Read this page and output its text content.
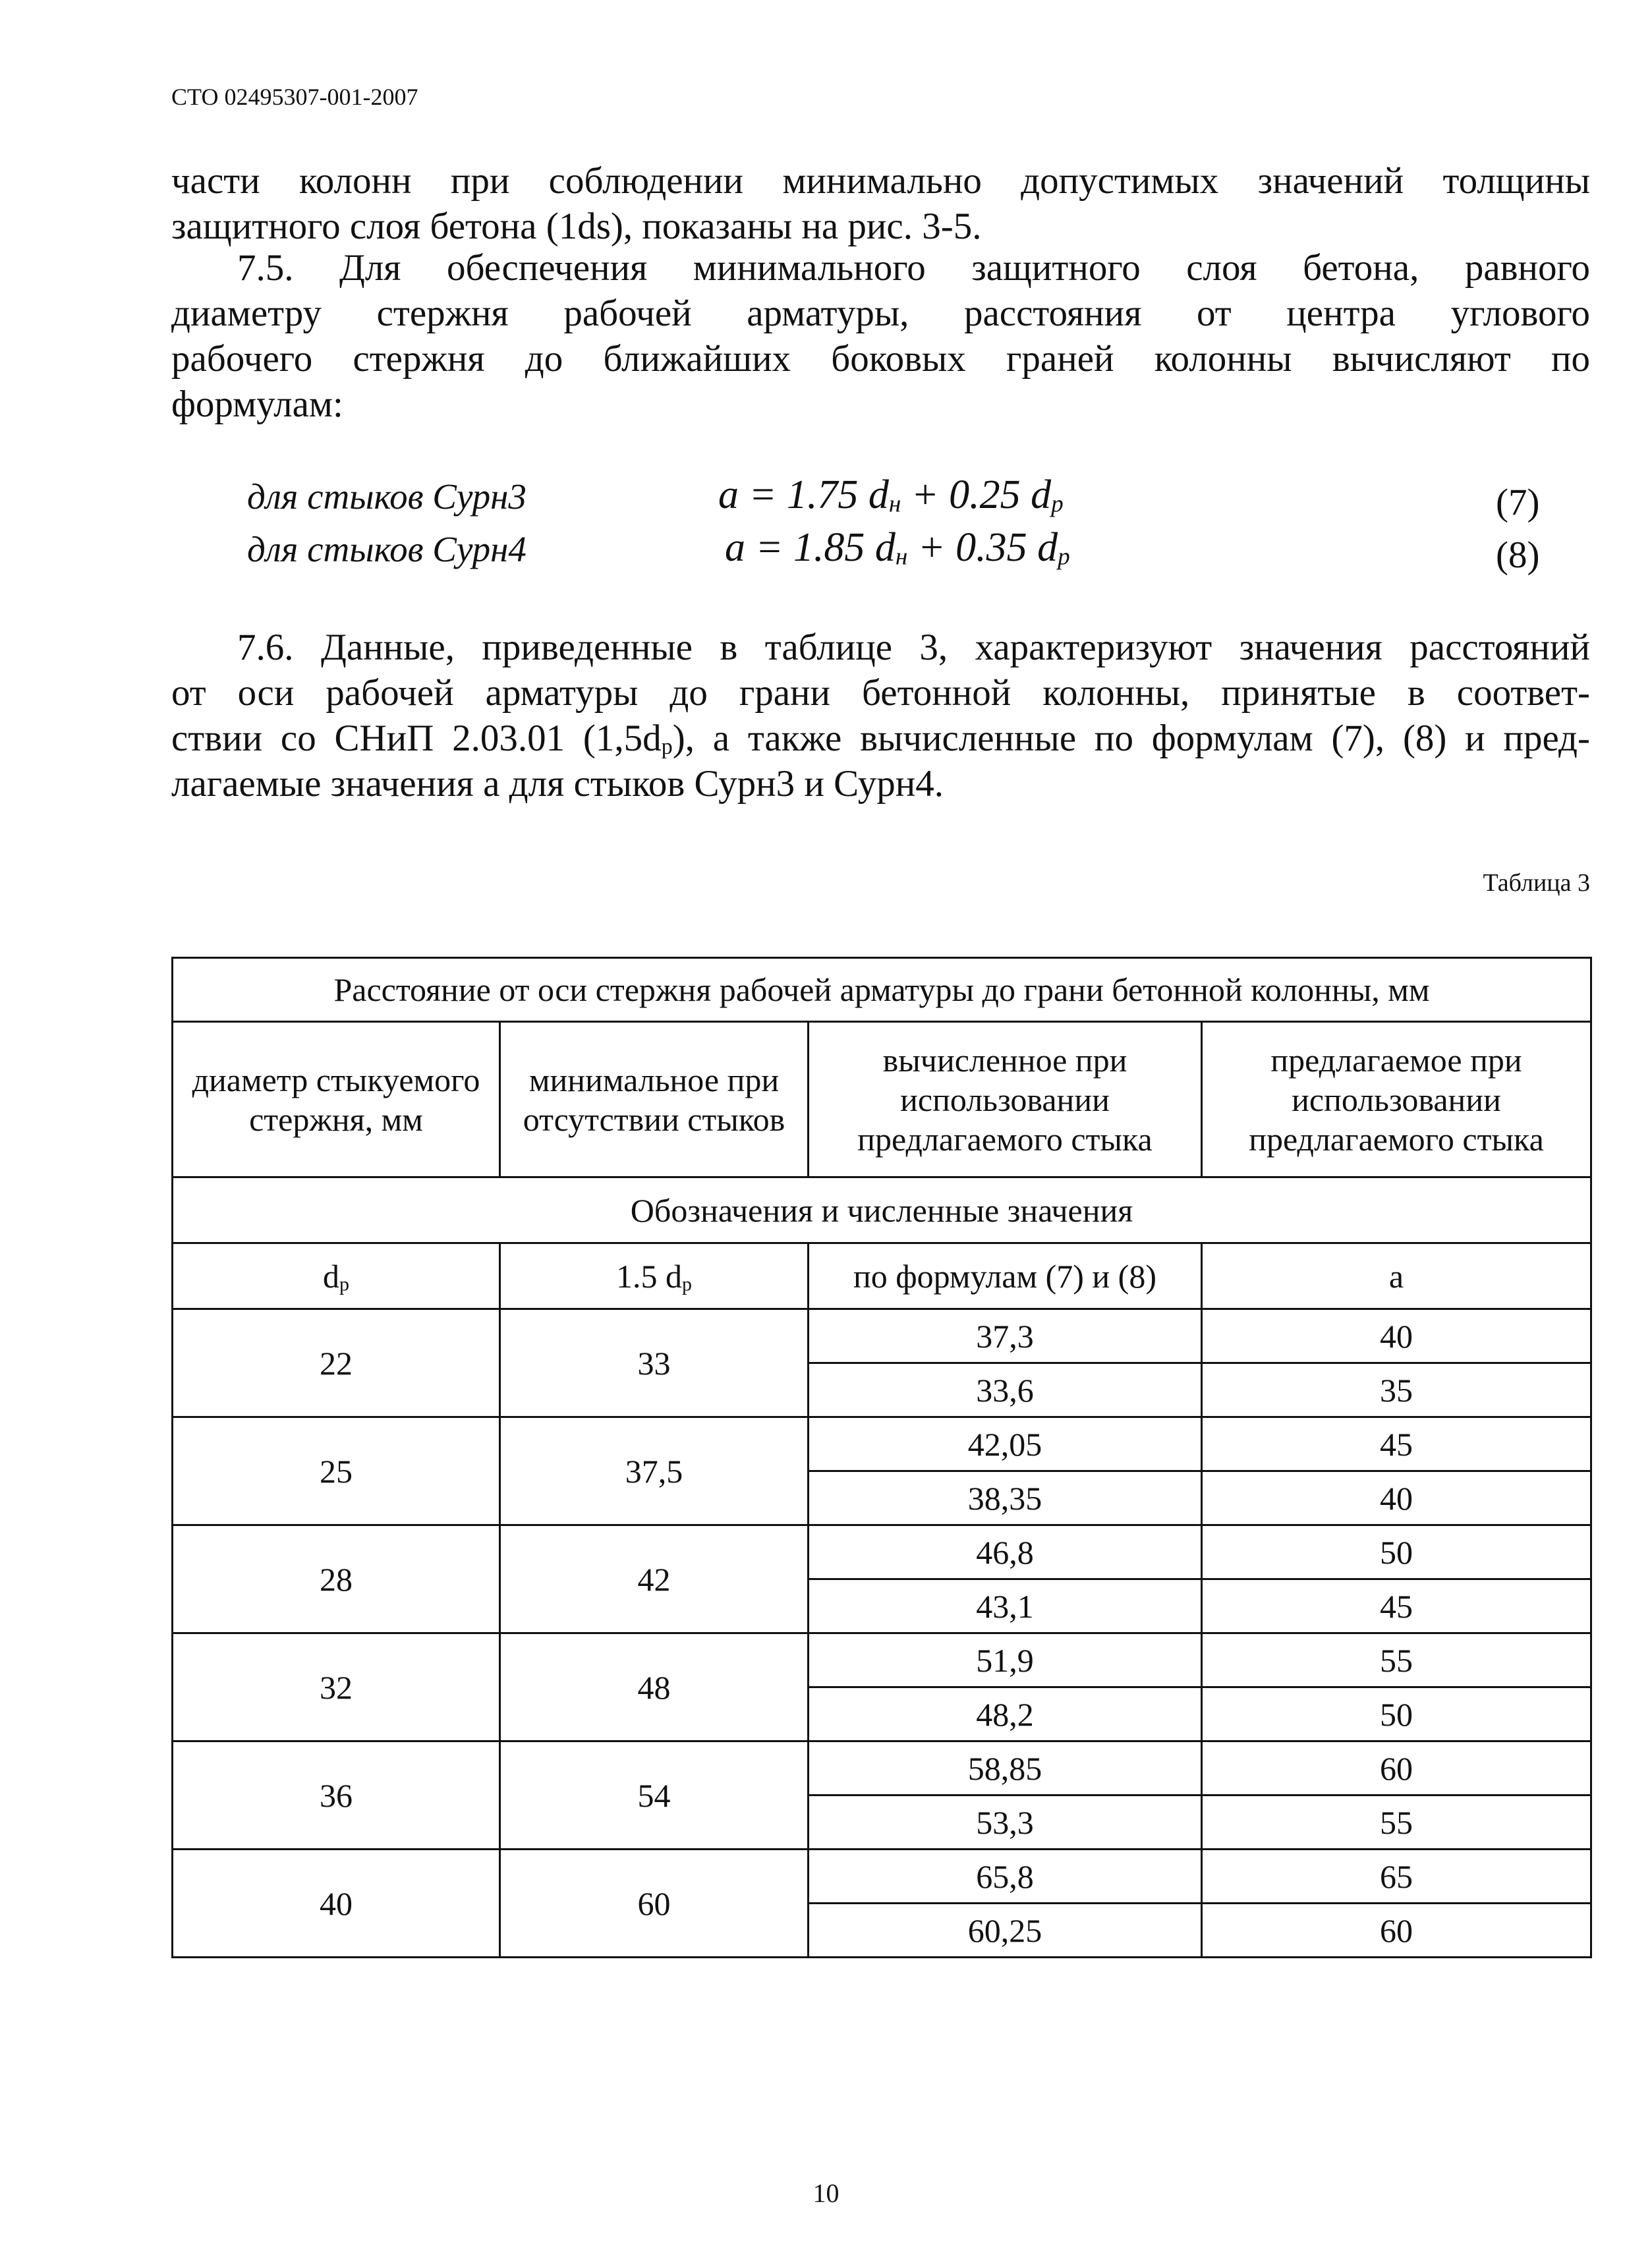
СТО 02495307-001-2007
части колонн при соблюдении минимально допустимых значений толщины
защитного слоя бетона (1ds), показаны на рис. 3-5.
7.5. Для обеспечения минимального защитного слоя бетона, равного
диаметру стержня рабочей арматуры, расстояния от центра углового
рабочего стержня до ближайших боковых граней колонны вычисляют по
формулам:
для стыков Сурн3	a = 1.75 $d_н + 0.25$ $d_р$	(7)
для стыков Сурн4	a = 1.85 $d_н + 0.35$ $d_р$	(8)
7.6. Данные, приведенные в таблице 3, характеризуют значения расстояний
от оси рабочей арматуры до грани бетонной колонны, принятые в соответ-
ствии со СНиП 2.03.01 $(1,5d_р)$, а также вычисленные по формулам (7), (8) и пред-
лагаемые значения а для стыков Сурн3 и Сурн4.
Таблица 3
Расстояние от оси стержня рабочей арматуры до грани бетонной колонны, мм			
диаметр стыкуемого стержня, мм	минимальное при отсутствии стыков	вычисленное при использовании предлагаемого стыка	предлагаемое при использовании предлагаемого стыка
Обозначения и численные значения			
$d_р$	1.5 $d_р$	по формулам (7) и (8)	а
22	33	37,3	40
		33,6	35
25	37,5	42,05	45
		38,35	40
28	42	46,8	50
		43,1	45
32	48	51,9	55
		48,2	50
36	54	58,85	60
		53,3	55
40	60	65,8	65
		60,25	60
10
